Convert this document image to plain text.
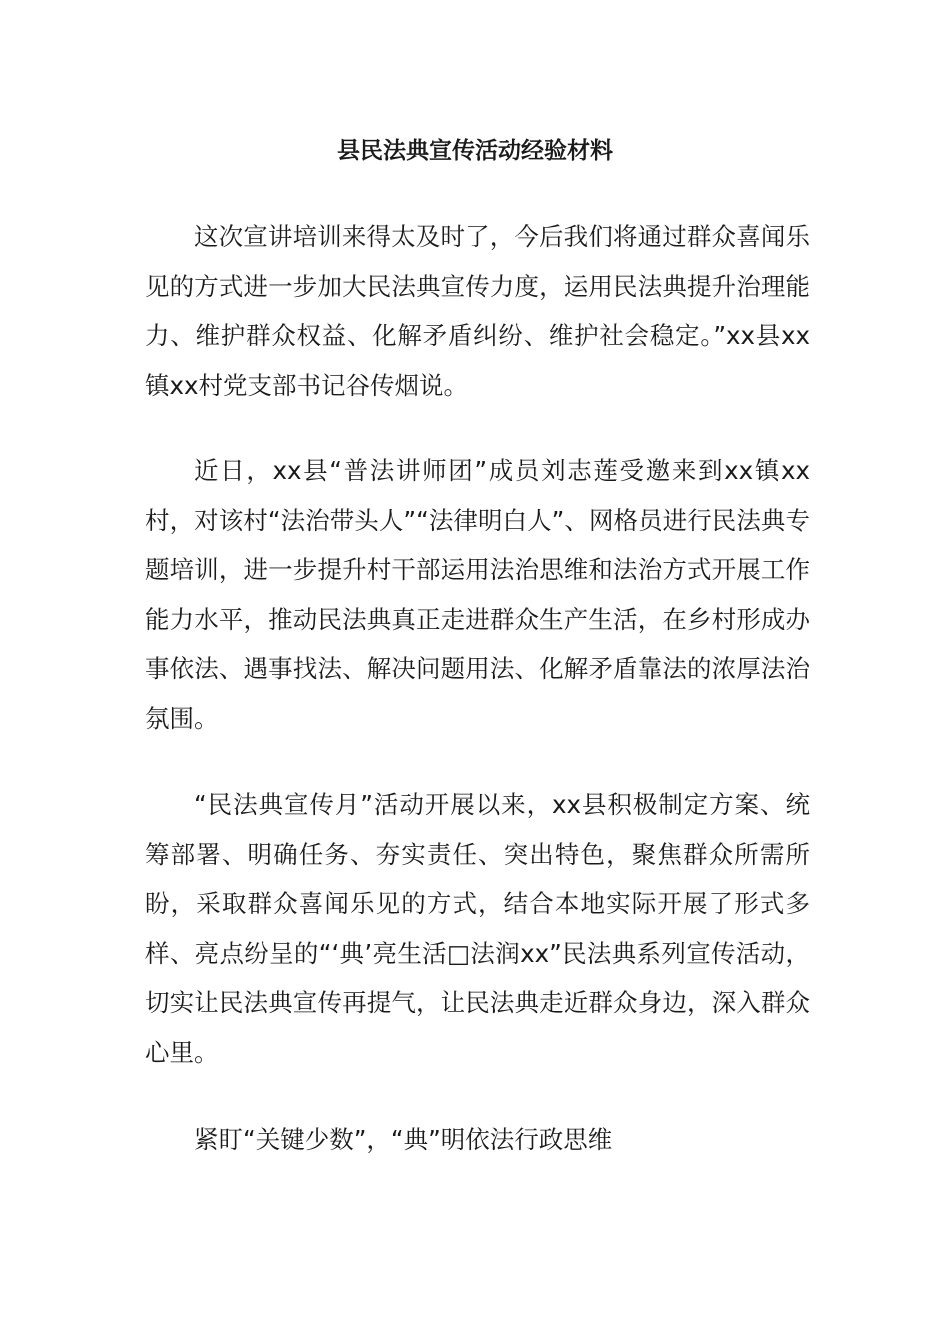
县民法典宣传活动经验材料

这次宣讲培训来得太及时了，今后我们将通过群众喜闻乐见的方式进一步加大民法典宣传力度，运用民法典提升治理能力、维护群众权益、化解矛盾纠纷、维护社会稳定。”xx县xx镇xx村党支部书记谷传烟说。

近日，xx县“普法讲师团”成员刘志莲受邀来到xx镇xx村，对该村“法治带头人”“法律明白人”、网格员进行民法典专题培训，进一步提升村干部运用法治思维和法治方式开展工作能力水平，推动民法典真正走进群众生产生活，在乡村形成办事依法、遇事找法、解决问题用法、化解矛盾靠法的浓厚法治氛围。

“民法典宣传月”活动开展以来，xx县积极制定方案、统筹部署、明确任务、夯实责任、突出特色，聚焦群众所需所盼，采取群众喜闻乐见的方式，结合本地实际开展了形式多样、亮点纷呈的“‘典’亮生活□法润xx”民法典系列宣传活动，切实让民法典宣传再提气，让民法典走近群众身边，深入群众心里。

紧盯“关键少数”，“典”明依法行政思维
